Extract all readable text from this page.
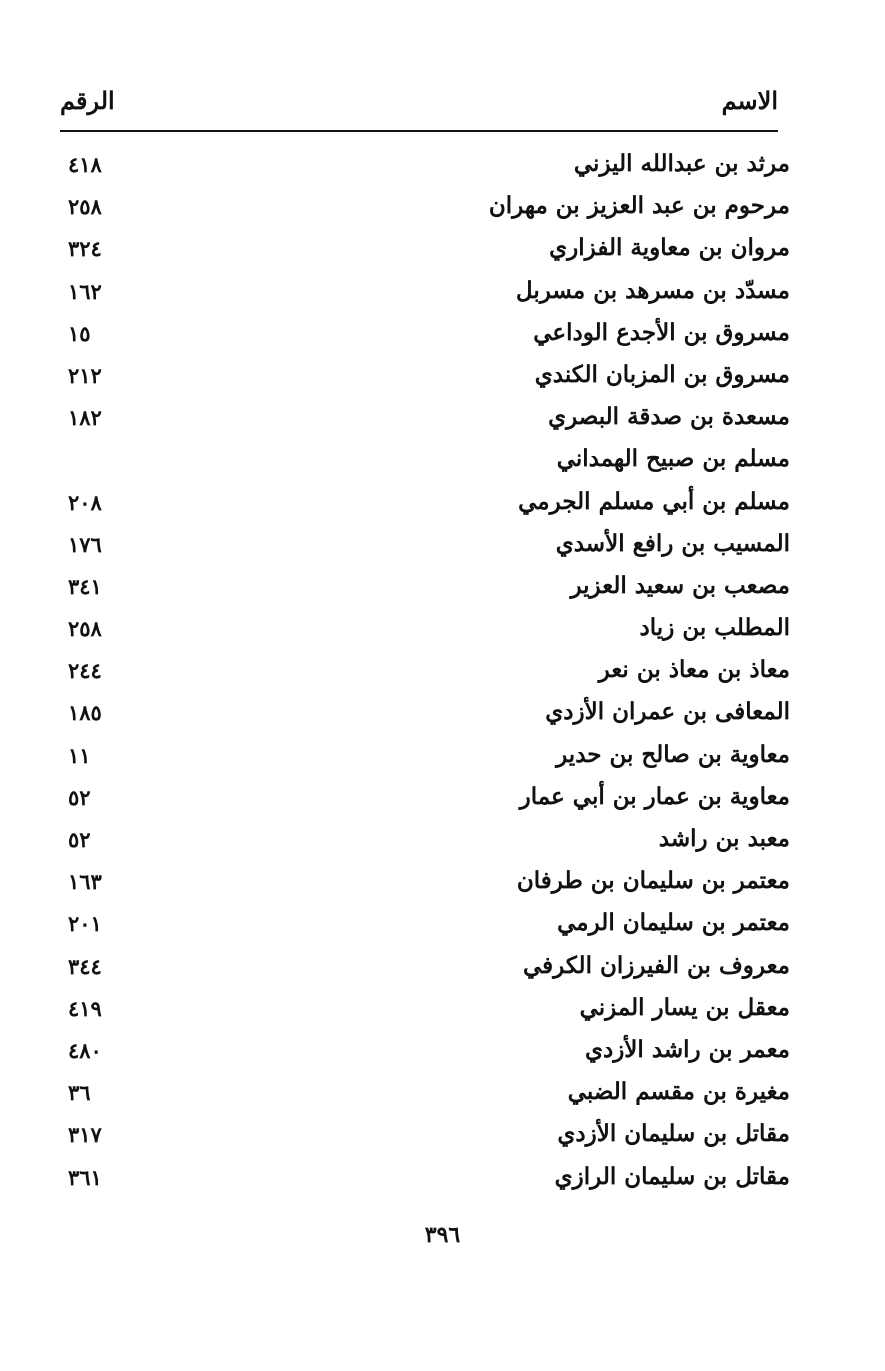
الاسم
الرقم
مرثد بن عبدالله اليزني
٤١٨
مرحوم بن عبد العزيز بن مهران
٢٥٨
مروان بن معاوية الفزاري
٣٢٤
مسدّد بن مسرهد بن مسربل
١٦٢
مسروق بن الأجدع الوداعي
١٥
مسروق بن المزبان الكندي
٢١٢
مسعدة بن صدقة البصري
١٨٢
مسلم بن صبيح الهمداني
مسلم بن أبي مسلم الجرمي
٢٠٨
المسيب بن رافع الأسدي
١٧٦
مصعب بن سعيد العزير
٣٤١
المطلب بن زياد
٢٥٨
معاذ بن معاذ بن نعر
٢٤٤
المعافى بن عمران الأزدي
١٨٥
معاوية بن صالح بن حدير
١١
معاوية بن عمار بن أبي عمار
٥٢
معبد بن راشد
٥٢
معتمر بن سليمان بن طرفان
١٦٣
معتمر بن سليمان الرمي
٢٠١
معروف بن الفيرزان الكرفي
٣٤٤
معقل بن يسار المزني
٤١٩
معمر بن راشد الأزدي
٤٨٠
مغيرة بن مقسم الضبي
٣٦
مقاتل بن سليمان الأزدي
٣١٧
مقاتل بن سليمان الرازي
٣٦١
٣٩٦
